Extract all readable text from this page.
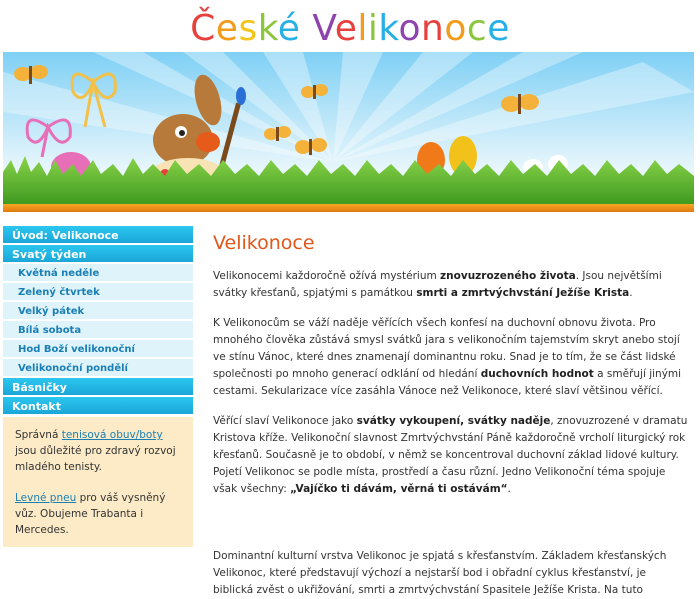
České Velikonoce
Úvod: Velikonoce
Svatý týden
Květná neděle
Zelený čtvrtek
Velký pátek
Bílá sobota
Hod Boží velikonoční
Velikonoční pondělí
Básničky
Kontakt

Správná tenisová obuv/boty jsou důležité pro zdravý rozvoj mladého tenisty.

Levné pneu pro váš vysněný vůz. Obujeme Trabanta i Mercedes.

Velikonoce

Velikonocemi každoročně ožívá mystérium znovuzrozeného života. Jsou největšími svátky křesťanů, spjatými s památkou smrti a zmrtvýchvstání Ježíše Krista.

K Velikonocům se váží naděje věřících všech konfesí na duchovní obnovu života. Pro mnohého člověka zůstává smysl svátků jara s velikonočním tajemstvím skryt anebo stojí ve stínu Vánoc, které dnes znamenají dominantnu roku. Snad je to tím, že se část lidské společnosti po mnoho generací odklání od hledání duchovních hodnot a směřují jinými cestami. Sekularizace více zasáhla Vánoce než Velikonoce, které slaví většinou věřící.

Věřící slaví Velikonoce jako svátky vykoupení, svátky naděje, znovuzrozené v dramatu Kristova kříže. Velikonoční slavnost Zmrtvýchvstání Páně každoročně vrcholí liturgický rok křesťanů. Současně je to období, v němž se koncentroval duchovní základ lidové kultury. Pojetí Velikonoc se podle místa, prostředí a času různí. Jedno Velikonoční téma spojuje však všechny: „Vajíčko ti dávám, věrná ti ostávám“.

Dominantní kulturní vrstva Velikonoc je spjatá s křesťanstvím. Základem křesťanských Velikonoc, které představují výchozí a nejstarší bod i obřadní cyklus křesťanství, je biblická zvěst o ukřižování, smrti a zmrtvýchvstání Spasitele Ježíše Krista. Na tuto
